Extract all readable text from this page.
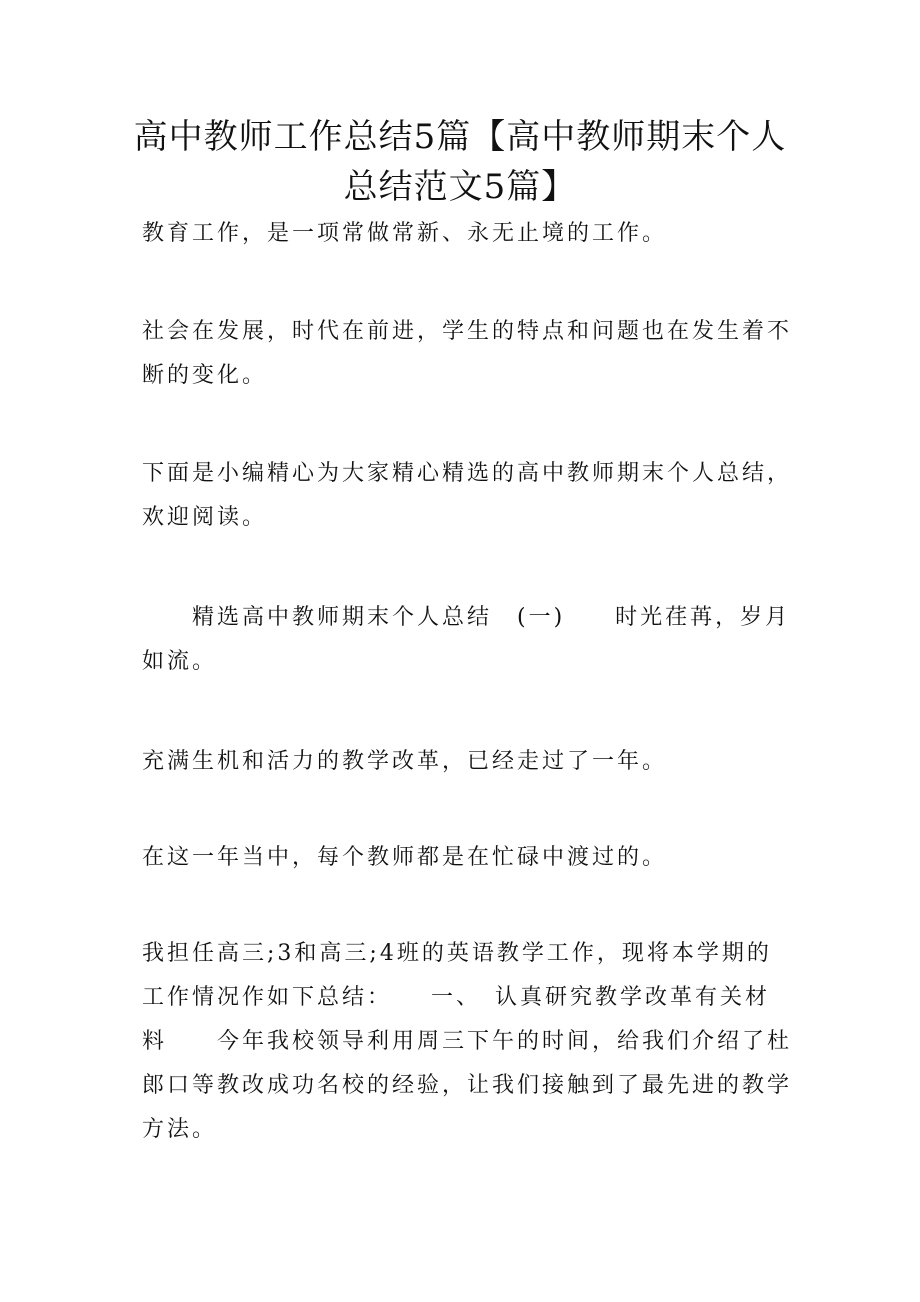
高中教师工作总结5篇【高中教师期末个人总结范文5篇】

教育工作，是一项常做常新、永无止境的工作。

社会在发展，时代在前进，学生的特点和问题也在发生着不断的变化。

下面是小编精心为大家精心精选的高中教师期末个人总结，欢迎阅读。

　　精选高中教师期末个人总结　(一)　　时光荏苒，岁月如流。

充满生机和活力的教学改革，已经走过了一年。

在这一年当中，每个教师都是在忙碌中渡过的。

我担任高三;3和高三;4班的英语教学工作，现将本学期的工作情况作如下总结：　　一、　认真研究教学改革有关材料　　今年我校领导利用周三下午的时间，给我们介绍了杜郎口等教改成功名校的经验，让我们接触到了最先进的教学方法。
